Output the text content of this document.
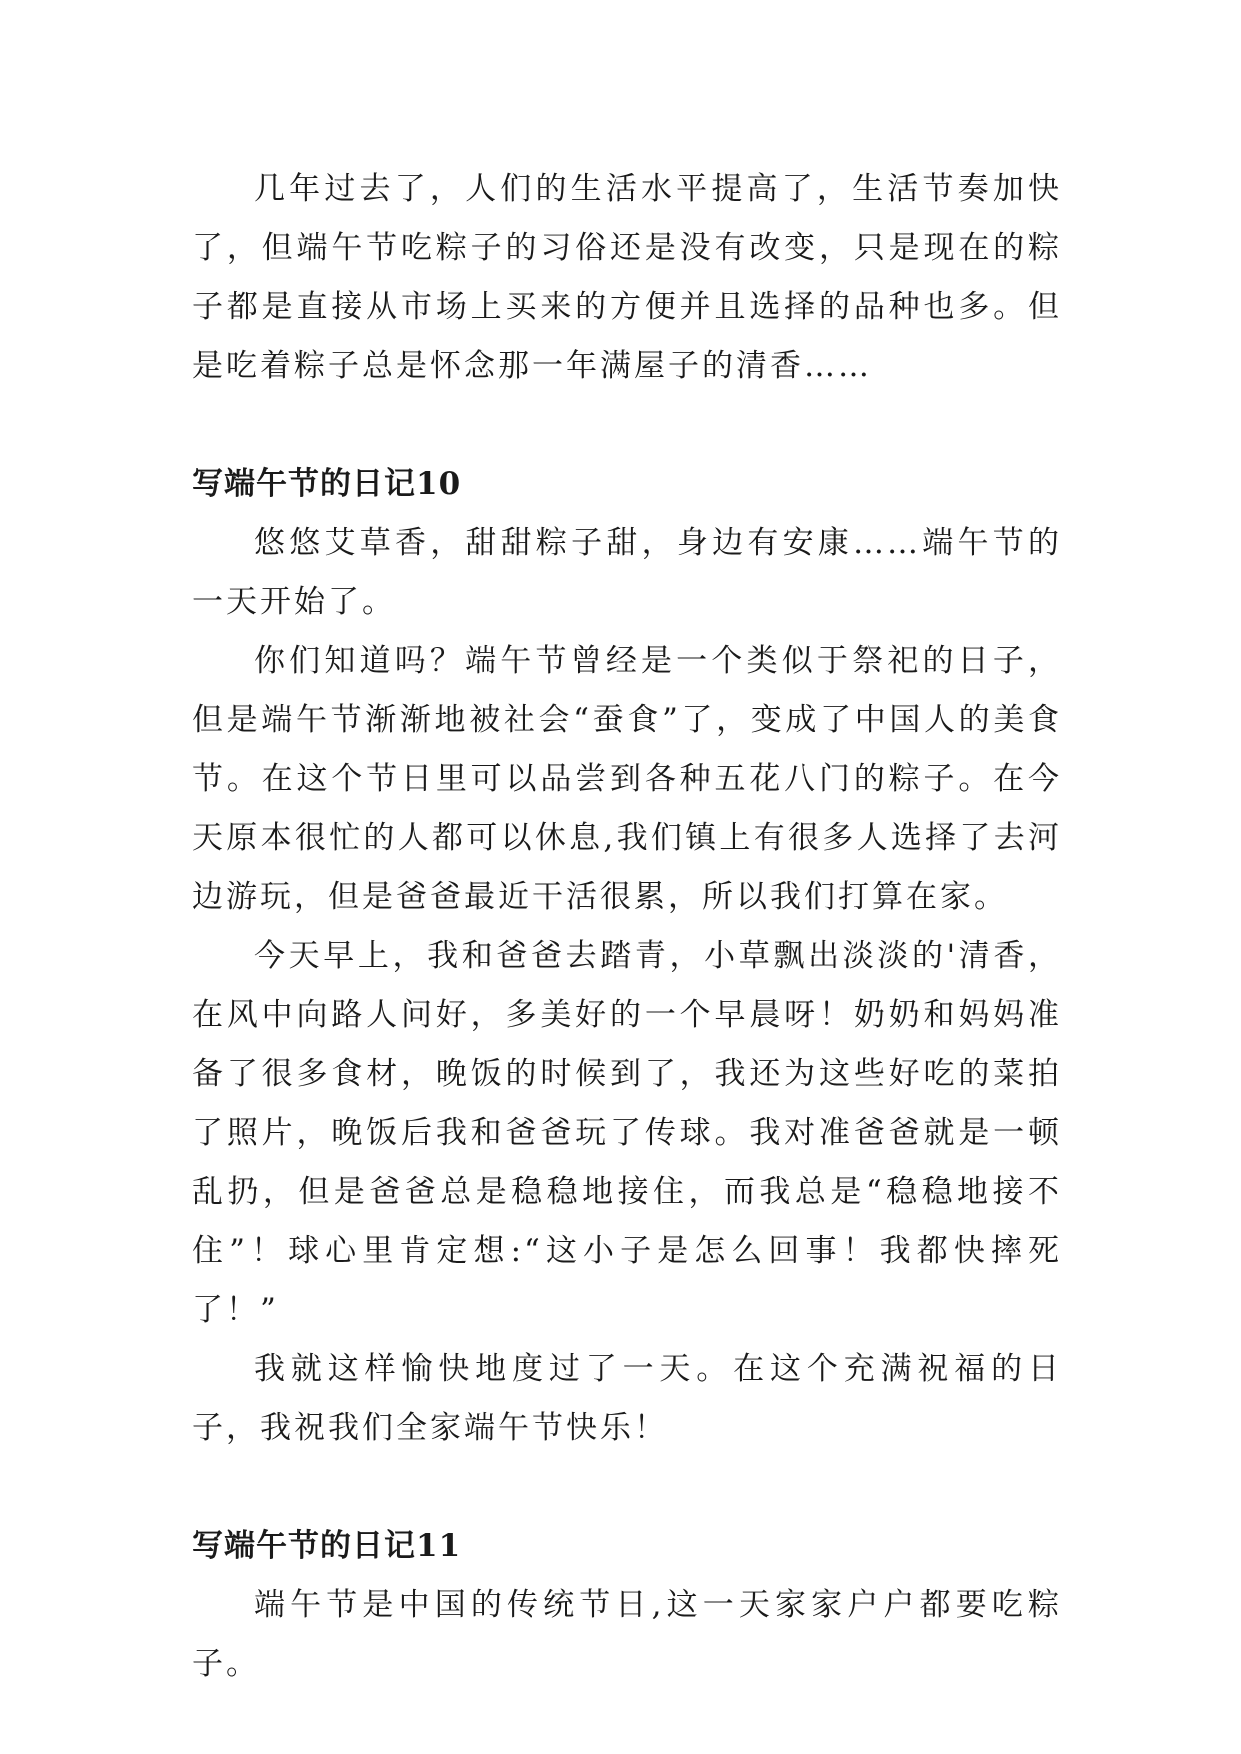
几年过去了，人们的生活水平提高了，生活节奏加快了，但端午节吃粽子的习俗还是没有改变，只是现在的粽子都是直接从市场上买来的方便并且选择的品种也多。但是吃着粽子总是怀念那一年满屋子的清香……

写端午节的日记10

悠悠艾草香，甜甜粽子甜，身边有安康……端午节的一天开始了。

你们知道吗？端午节曾经是一个类似于祭祀的日子，但是端午节渐渐地被社会“蚕食”了，变成了中国人的美食节。在这个节日里可以品尝到各种五花八门的粽子。在今天原本很忙的人都可以休息,我们镇上有很多人选择了去河边游玩，但是爸爸最近干活很累，所以我们打算在家。

今天早上，我和爸爸去踏青，小草飘出淡淡的'清香，在风中向路人问好，多美好的一个早晨呀！奶奶和妈妈准备了很多食材，晚饭的时候到了，我还为这些好吃的菜拍了照片，晚饭后我和爸爸玩了传球。我对准爸爸就是一顿乱扔，但是爸爸总是稳稳地接住，而我总是“稳稳地接不住”！球心里肯定想:“这小子是怎么回事！我都快摔死了！”

我就这样愉快地度过了一天。在这个充满祝福的日子，我祝我们全家端午节快乐！

写端午节的日记11

端午节是中国的传统节日,这一天家家户户都要吃粽子。
